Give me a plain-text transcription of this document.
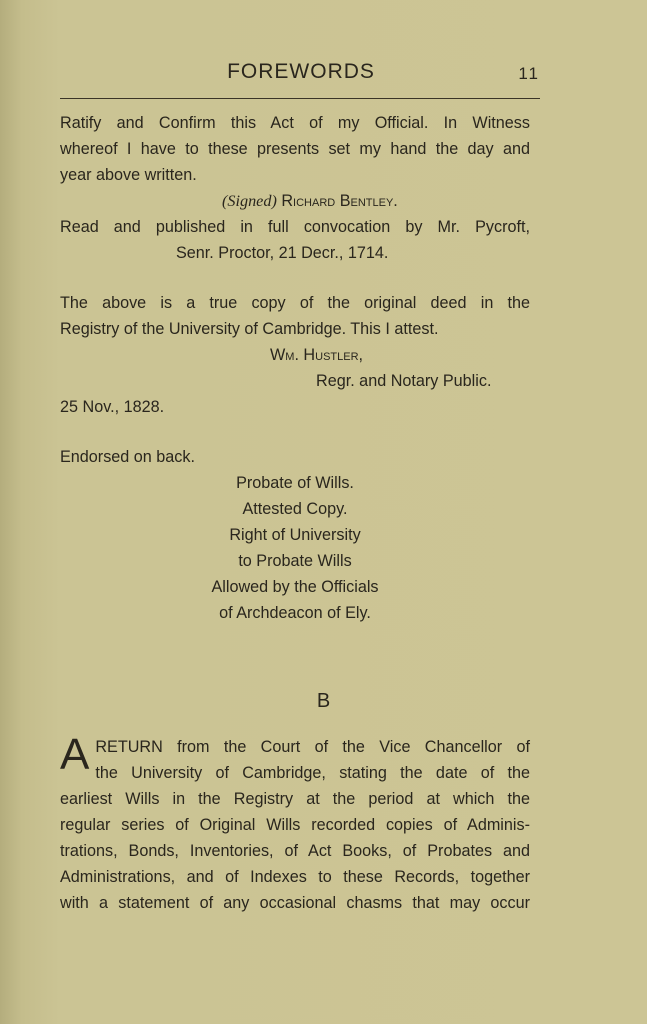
FOREWORDS	11
Ratify and Confirm this Act of my Official. In Witness
whereof I have to these presents set my hand the day and
year above written.
(Signed) Richard Bentley.
Read and published in full convocation by Mr. Pycroft,
Senr. Proctor, 21 Decr., 1714.
The above is a true copy of the original deed in the
Registry of the University of Cambridge. This I attest.
Wm. Hustler,
Regr. and Notary Public.
25 Nov., 1828.
Endorsed on back.
Probate of Wills.
Attested Copy.
Right of University
to Probate Wills
Allowed by the Officials
of Archdeacon of Ely.
B
A RETURN from the Court of the Vice Chancellor of
the University of Cambridge, stating the date of the
earliest Wills in the Registry at the period at which the
regular series of Original Wills recorded copies of Adminis-
trations, Bonds, Inventories, of Act Books, of Probates and
Administrations, and of Indexes to these Records, together
with a statement of any occasional chasms that may occur
